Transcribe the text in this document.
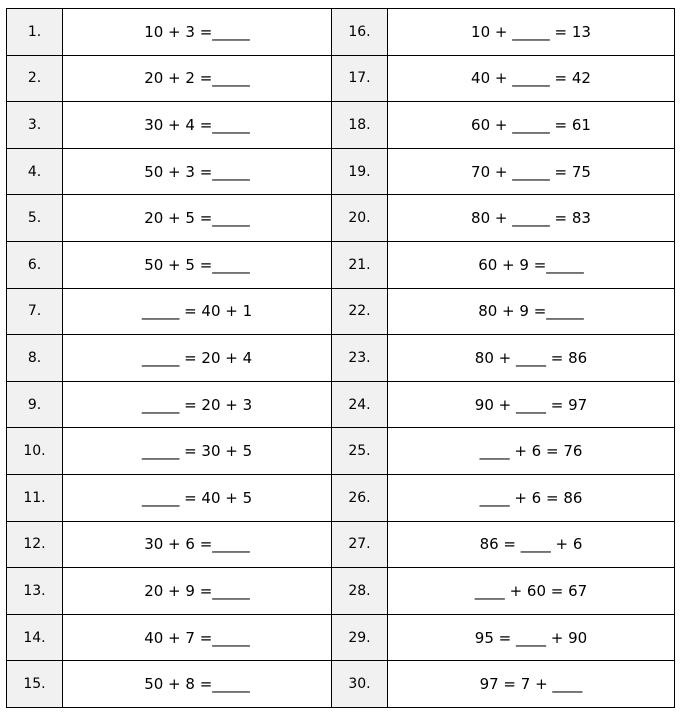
1.	10 + 3 =_____	16.	10 + _____ = 13
2.	20 + 2 =_____	17.	40 + _____ = 42
3.	30 + 4 =_____	18.	60 + _____ = 61
4.	50 + 3 =_____	19.	70 + _____ = 75
5.	20 + 5 =_____	20.	80 + _____ = 83
6.	50 + 5 =_____	21.	60 + 9 =_____
7.	_____ = 40 + 1	22.	80 + 9 =_____
8.	_____ = 20 + 4	23.	80 + ____ = 86
9.	_____ = 20 + 3	24.	90 + ____ = 97
10.	_____ = 30 + 5	25.	____ + 6 = 76
11.	_____ = 40 + 5	26.	____ + 6 = 86
12.	30 + 6 =_____	27.	86 = ____ + 6
13.	20 + 9 =_____	28.	____ + 60 = 67
14.	40 + 7 =_____	29.	95 = ____ + 90
15.	50 + 8 =_____	30.	97 = 7 + ____
